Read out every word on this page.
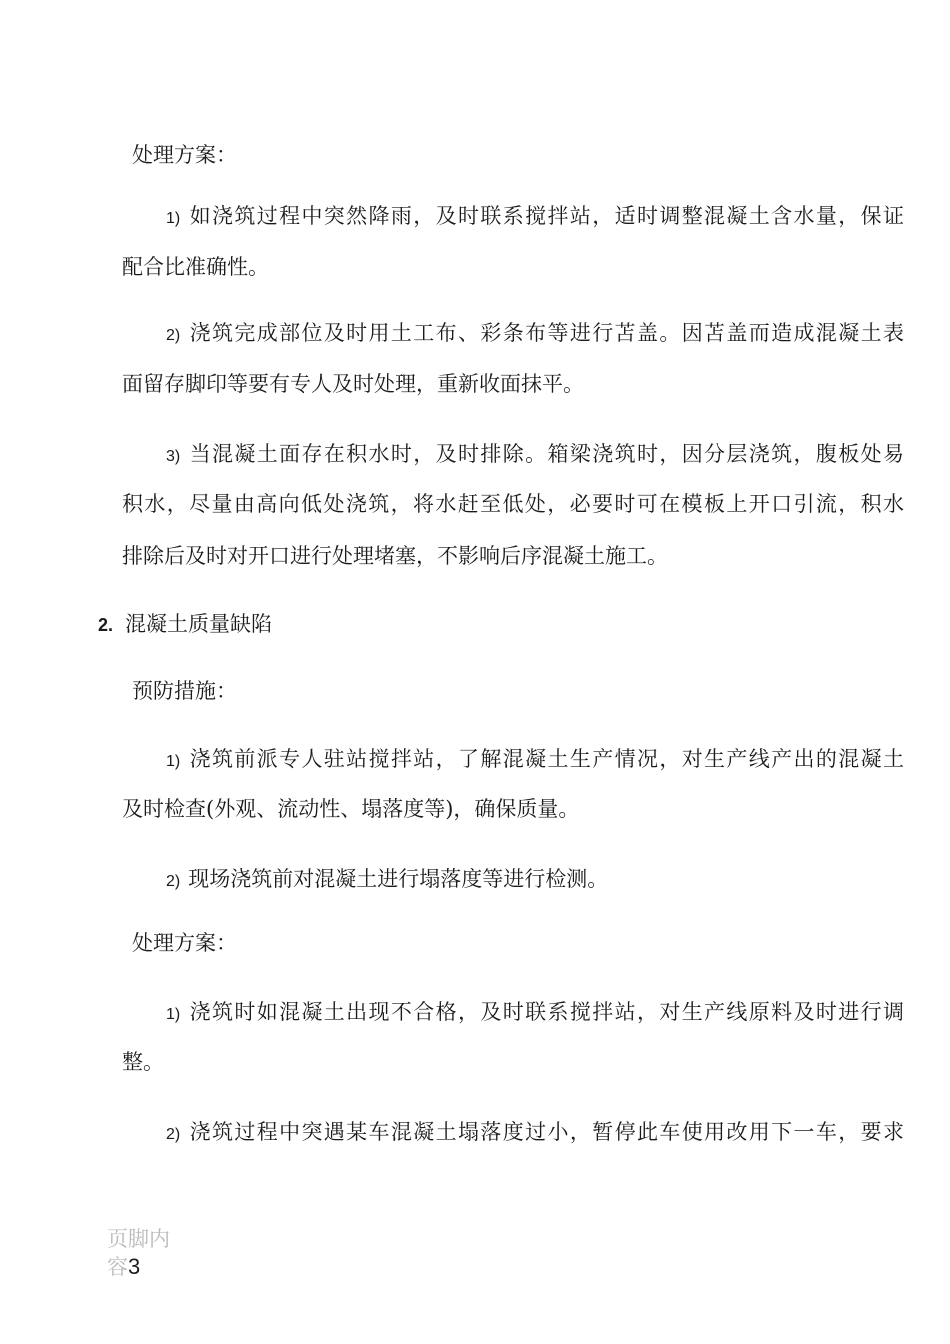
处理方案：
1) 如浇筑过程中突然降雨，及时联系搅拌站，适时调整混凝土含水量，保证
配合比准确性。
2) 浇筑完成部位及时用土工布、彩条布等进行苫盖。因苫盖而造成混凝土表
面留存脚印等要有专人及时处理，重新收面抹平。
3) 当混凝土面存在积水时，及时排除。箱梁浇筑时，因分层浇筑，腹板处易
积水，尽量由高向低处浇筑，将水赶至低处，必要时可在模板上开口引流，积水
排除后及时对开口进行处理堵塞，不影响后序混凝土施工。
2. 混凝土质量缺陷
预防措施：
1) 浇筑前派专人驻站搅拌站，了解混凝土生产情况，对生产线产出的混凝土
及时检查(外观、流动性、塌落度等)，确保质量。
2) 现场浇筑前对混凝土进行塌落度等进行检测。
处理方案：
1) 浇筑时如混凝土出现不合格，及时联系搅拌站，对生产线原料及时进行调
整。
2) 浇筑过程中突遇某车混凝土塌落度过小，暂停此车使用改用下一车，要求
页脚内容3
